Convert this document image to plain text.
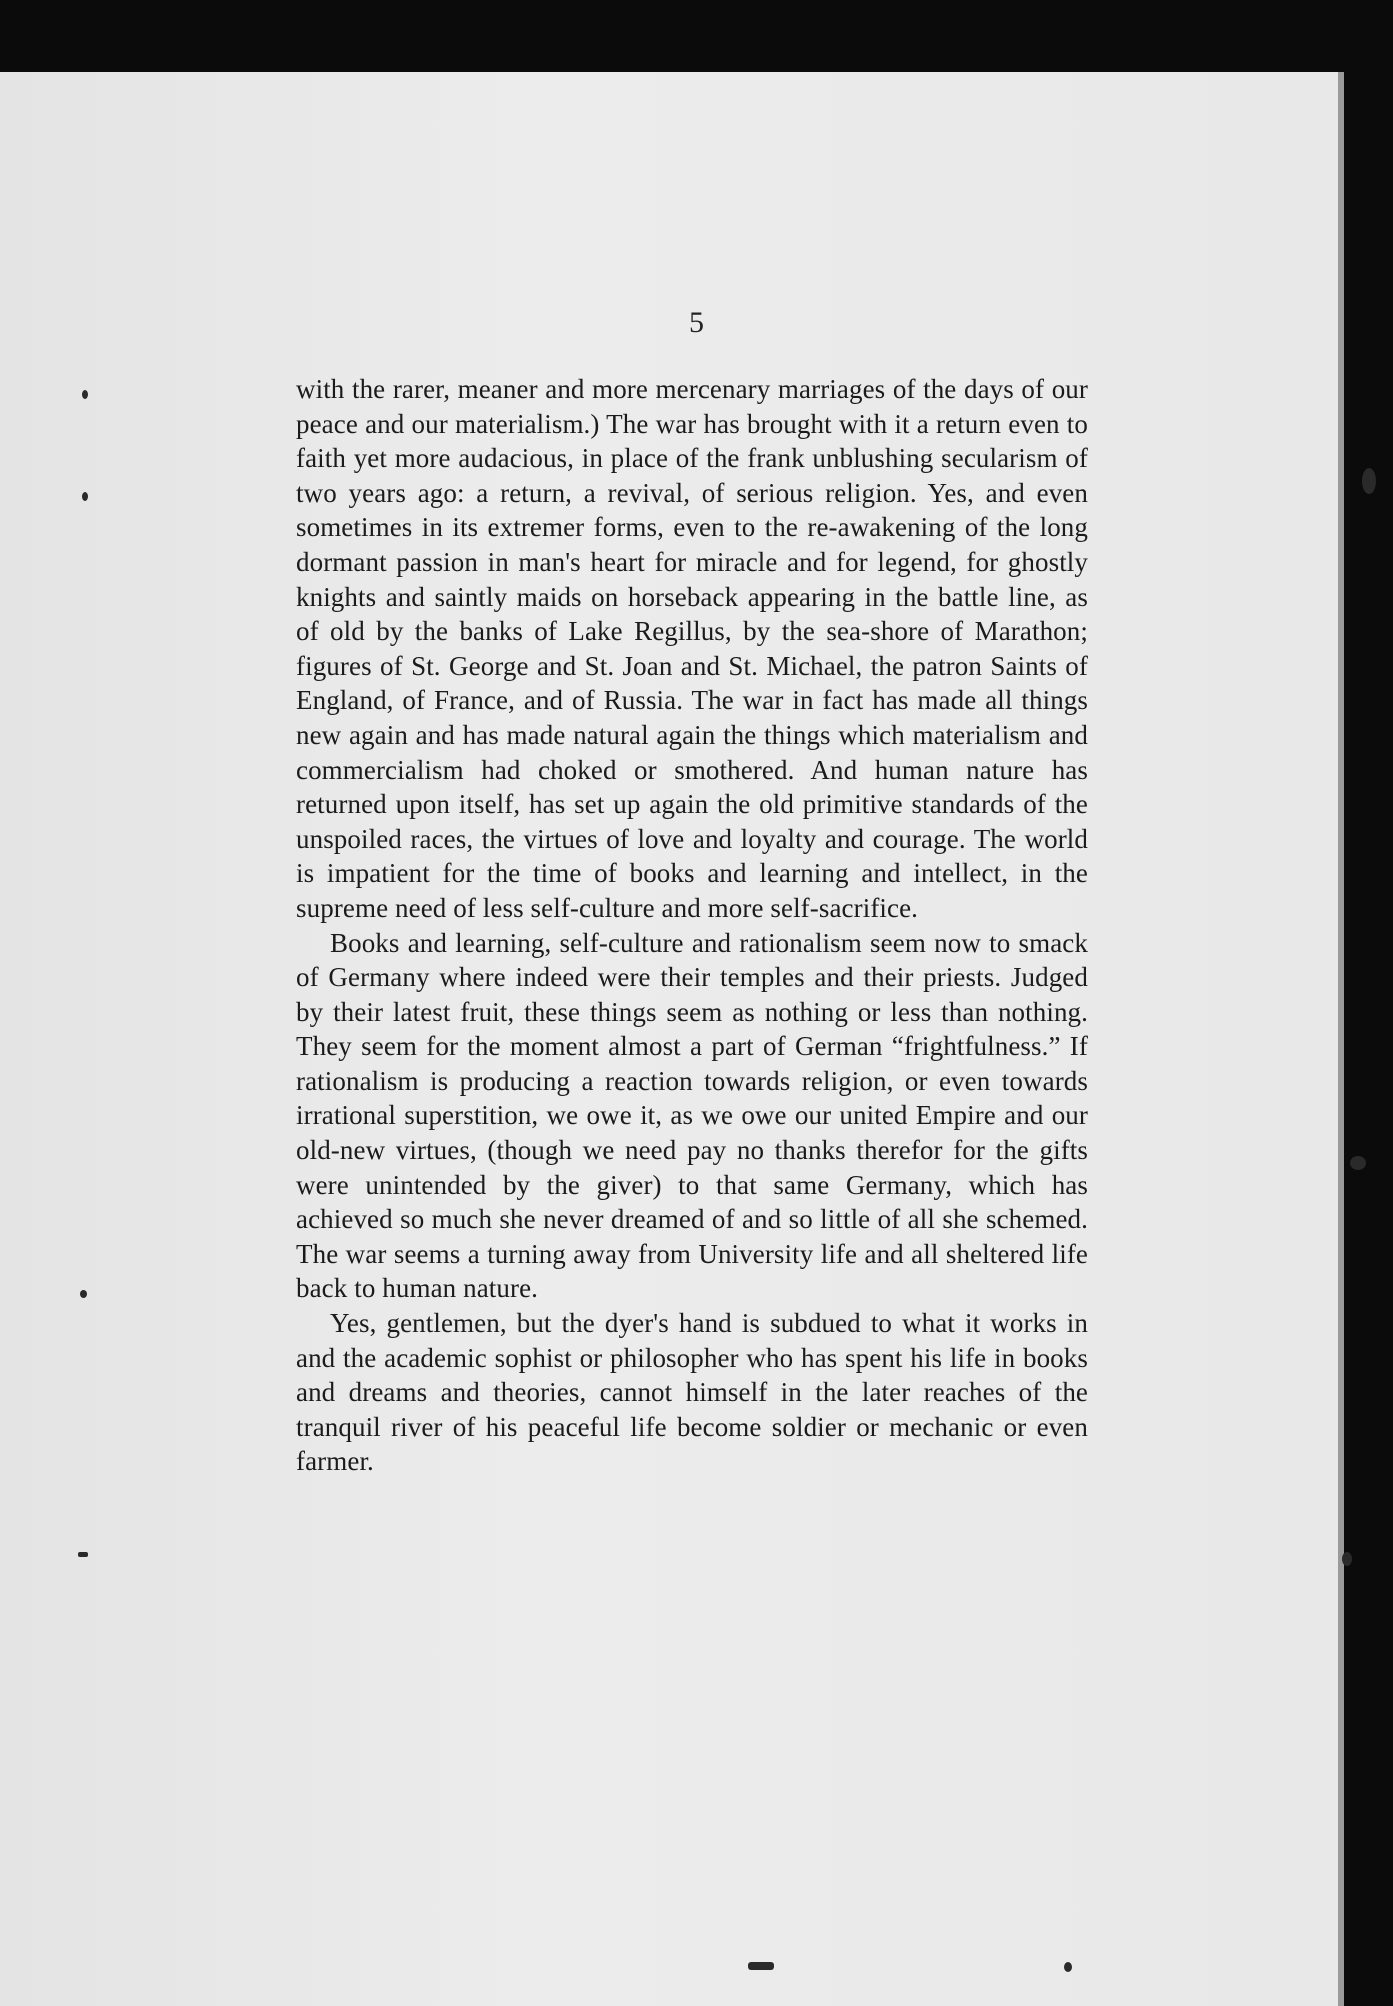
5

with the rarer, meaner and more mercenary marriages of the days of our peace and our materialism.) The war has brought with it a return even to faith yet more audacious, in place of the frank unblushing secularism of two years ago: a return, a revival, of serious religion. Yes, and even sometimes in its extremer forms, even to the re-awakening of the long dormant passion in man's heart for miracle and for legend, for ghostly knights and saintly maids on horseback appearing in the battle line, as of old by the banks of Lake Regillus, by the sea-shore of Marathon; figures of St. George and St. Joan and St. Michael, the patron Saints of England, of France, and of Russia. The war in fact has made all things new again and has made natural again the things which materialism and commercialism had choked or smothered. And human nature has returned upon itself, has set up again the old primitive standards of the unspoiled races, the virtues of love and loyalty and courage. The world is impatient for the time of books and learning and intellect, in the supreme need of less self-culture and more self-sacrifice.

Books and learning, self-culture and rationalism seem now to smack of Germany where indeed were their temples and their priests. Judged by their latest fruit, these things seem as nothing or less than nothing. They seem for the moment almost a part of German “frightfulness.” If rationalism is producing a reaction towards religion, or even towards irrational superstition, we owe it, as we owe our united Empire and our old-new virtues, (though we need pay no thanks therefor for the gifts were unintended by the giver) to that same Germany, which has achieved so much she never dreamed of and so little of all she schemed. The war seems a turning away from University life and all sheltered life back to human nature.

Yes, gentlemen, but the dyer's hand is subdued to what it works in and the academic sophist or philosopher who has spent his life in books and dreams and theories, cannot himself in the later reaches of the tranquil river of his peaceful life become soldier or mechanic or even farmer.
